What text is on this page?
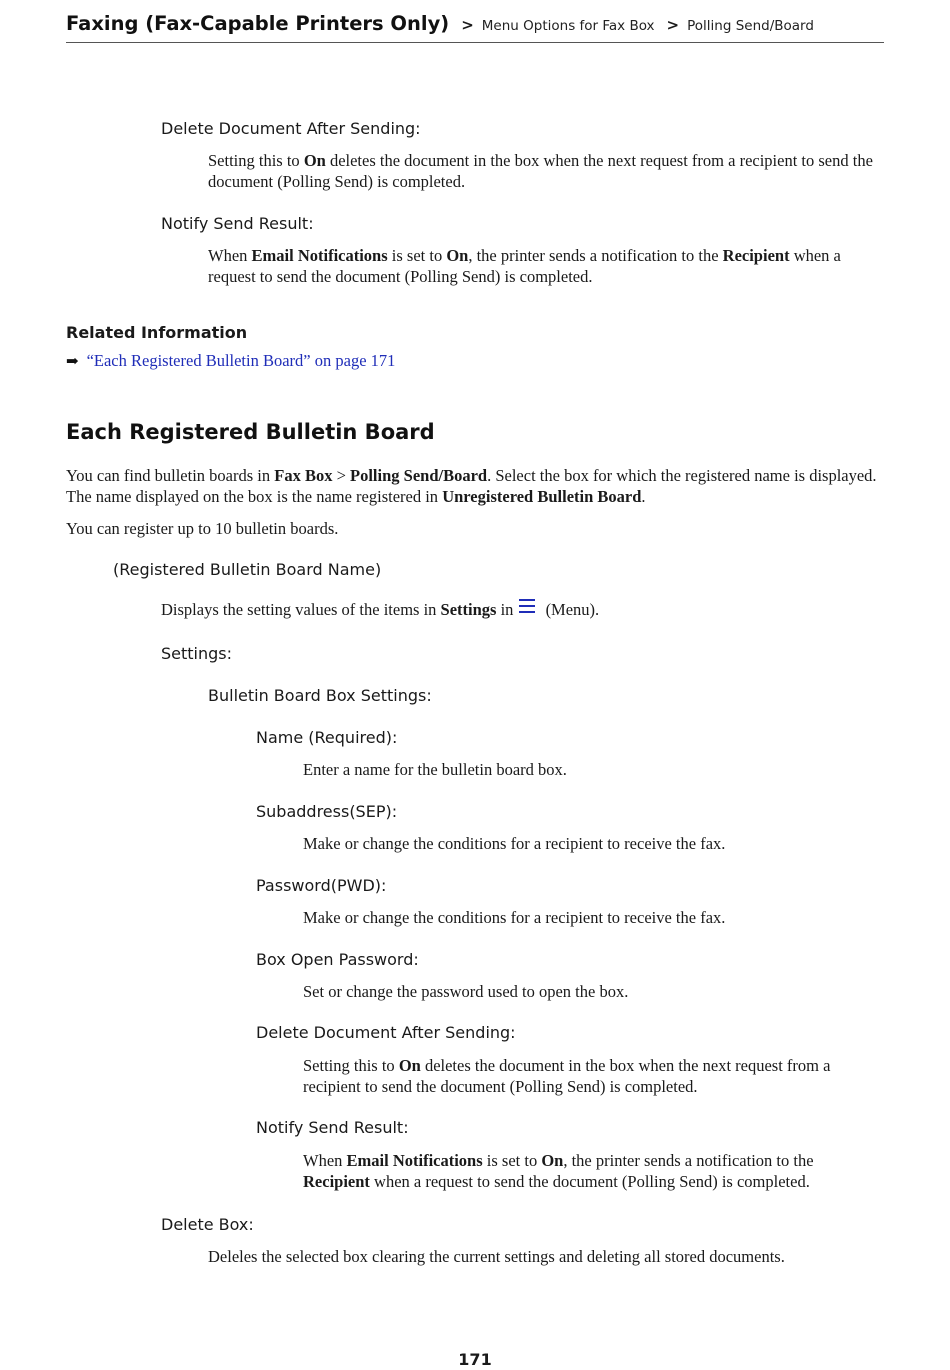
Faxing (Fax-Capable Printers Only) > Menu Options for Fax Box > Polling Send/Board
Delete Document After Sending:
Setting this to On deletes the document in the box when the next request from a recipient to send the document (Polling Send) is completed.
Notify Send Result:
When Email Notifications is set to On, the printer sends a notification to the Recipient when a request to send the document (Polling Send) is completed.
Related Information
➡ “Each Registered Bulletin Board” on page 171
Each Registered Bulletin Board
You can find bulletin boards in Fax Box > Polling Send/Board. Select the box for which the registered name is displayed. The name displayed on the box is the name registered in Unregistered Bulletin Board.
You can register up to 10 bulletin boards.
(Registered Bulletin Board Name)
Displays the setting values of the items in Settings in
(Menu).
Settings:
Bulletin Board Box Settings:
Name (Required):
Enter a name for the bulletin board box.
Subaddress(SEP):
Make or change the conditions for a recipient to receive the fax.
Password(PWD):
Make or change the conditions for a recipient to receive the fax.
Box Open Password:
Set or change the password used to open the box.
Delete Document After Sending:
Setting this to On deletes the document in the box when the next request from a recipient to send the document (Polling Send) is completed.
Notify Send Result:
When Email Notifications is set to On, the printer sends a notification to the Recipient when a request to send the document (Polling Send) is completed.
Delete Box:
Deleles the selected box clearing the current settings and deleting all stored documents.
171
